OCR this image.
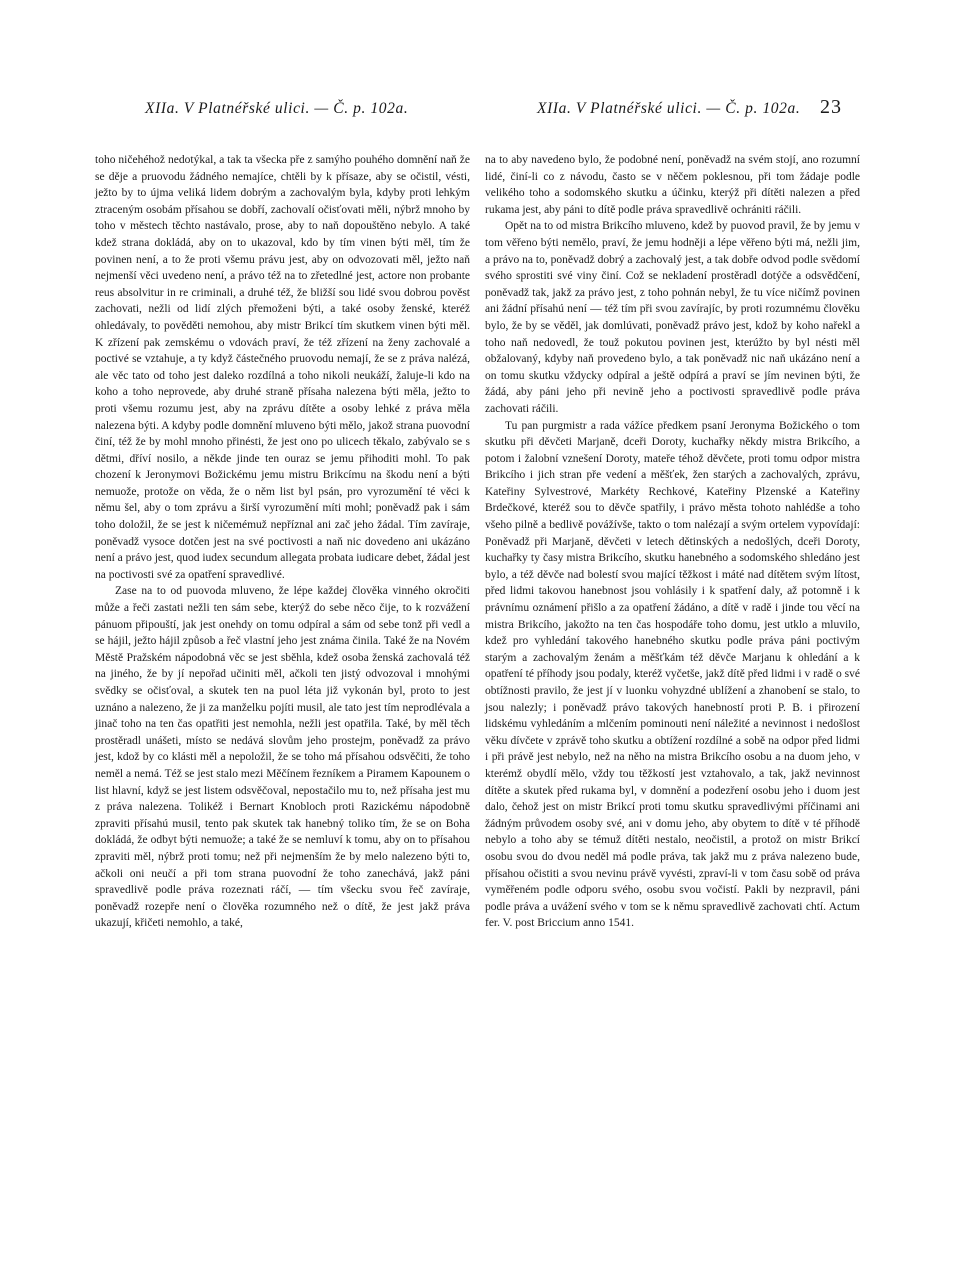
XIIa. V Platnéřské ulici. — Č. p. 102a.	XIIa. V Platnéřské ulici. — Č. p. 102a. 23

toho ničehéhož nedotýkal, a tak ta všecka pře z samýho pouhého domnění naň že se děje a pruovodu žádného nemajíce, chtěli by k přísaze, aby se očistil, vésti, ježto by to újma veliká lidem dobrým a zachovalým byla, kdyby proti lehkým ztraceným osobám přísahou se dobří, zachovalí očisťovati měli, nýbrž mnoho by toho v městech těchto nastávalo, prose, aby to naň dopouštěno nebylo. A také kdež strana dokládá, aby on to ukazoval, kdo by tím vinen býti měl, tím že povinen není, a to že proti všemu právu jest, aby on odvozovati měl, ježto naň nejmenší věci uvedeno není, a právo též na to zřetedlné jest, actore non probante reus absolvitur in re criminali, a druhé též, že bližší sou lidé svou dobrou pověst zachovati, nežli od lidí zlých přemoženi býti, a také osoby ženské, kteréž ohledávaly, to pověděti nemohou, aby mistr Brikcí tím skutkem vinen býti měl. K zřízení pak zemskému o vdovách praví, že též zřízení na ženy zachovalé a poctivé se vztahuje, a ty když částečného pruovodu nemají, že se z práva nalézá, ale věc tato od toho jest daleko rozdílná a toho nikoli neukáží, žaluje-li kdo na koho a toho neprovede, aby druhé straně přísaha nalezena býti měla, ježto to proti všemu rozumu jest, aby na zprávu dítěte a osoby lehké z práva měla nalezena býti. A kdyby podle domnění mluveno býti mělo, jakož strana puovodní činí, též že by mohl mnoho přinésti, že jest ono po ulicech těkalo, zabývalo se s dětmi, dříví nosilo, a někde jinde ten ouraz se jemu přihoditi mohl. To pak chození k Jeronymovi Božickému jemu mistru Brikcímu na škodu není a býti nemuože, protože on věda, že o něm list byl psán, pro vyrozumění té věci k němu šel, aby o tom zprávu a širší vyrozumění míti mohl; poněvadž pak i sám toho doložil, že se jest k ničemémuž nepříznal ani zač jeho žádal. Tím zavíraje, poněvadž vysoce dotčen jest na své poctivosti a naň nic dovedeno ani ukázáno není a právo jest, quod iudex secundum allegata probata iudicare debet, žádal jest na poctivosti své za opatření spravedlivé.

Zase na to od puovoda mluveno, že lépe každej člověka vinného okročiti může a řeči zastati nežli ten sám sebe, kterýž do sebe něco čije, to k rozvážení pánuom připouští, jak jest onehdy on tomu odpíral a sám od sebe tonž při vedl a se hájil, ježto hájil způsob a řeč vlastní jeho jest známa činila. Také že na Novém Městě Pražském nápodobná věc se jest sběhla, kdež osoba ženská zachovalá též na jiného, že by jí nepořad učiniti měl, ačkoli ten jistý odvozoval i mnohými svědky se očisťoval, a skutek ten na puol léta již vykonán byl, proto to jest uznáno a nalezeno, že ji za manželku pojíti musil, ale tato jest tím neprodlévala a jinač toho na ten čas opatřiti jest nemohla, nežli jest opatřila. Také, by měl těch prostěradl unášeti, místo se nedává slovům jeho prostejm, poněvadž za právo jest, kdož by co klásti měl a nepoložil, že se toho má přísahou odsvěčiti, že toho neměl a nemá. Též se jest stalo mezi Měčínem řezníkem a Piramem Kapounem o list hlavní, když se jest listem odsvěčoval, nepostačilo mu to, než přísaha jest mu z práva nalezena. Tolikéž i Bernart Knobloch proti Razickému nápodobně zpraviti přísahú musil, tento pak skutek tak hanebný toliko tím, že se on Boha dokládá, že odbyt býti nemuože; a také že se nemluví k tomu, aby on to přísahou zpraviti měl, nýbrž proti tomu; než při nejmenším že by melo nalezeno býti to, ačkoli oni neučí a při tom strana puovodní že toho zanechává, jakž páni spravedlivě podle práva rozeznati ráčí, — tím všecku svou řeč zavíraje, poněvadž rozepře není o člověka rozumného než o dítě, že jest jakž práva ukazují, křičeti nemohlo, a také,

na to aby navedeno bylo, že podobné není, poněvadž na svém stojí, ano rozumní lidé, činí-li co z návodu, často se v něčem poklesnou, při tom žádaje podle velikého toho a sodomského skutku a účinku, kterýž při dítěti nalezen a před rukama jest, aby páni to dítě podle práva spravedlivě ochrániti ráčili.

Opět na to od mistra Brikcího mluveno, kdež by puovod pravil, že by jemu v tom věřeno býti nemělo, praví, že jemu hodněji a lépe věřeno býti má, nežli jim, a právo na to, poněvadž dobrý a zachovalý jest, a tak dobře odvod podle svědomí svého sprostiti své viny činí. Což se nekladení prostěradl dotýče a odsvědčení, poněvadž tak, jakž za právo jest, z toho pohnán nebyl, že tu více ničímž povinen ani žádní přísahú není — též tím při svou zavírajíc, by proti rozumnému člověku bylo, že by se věděl, jak domlúvati, poněvadž právo jest, kdož by koho nařekl a toho naň nedovedl, že touž pokutou povinen jest, kterúžto by byl nésti měl obžalovaný, kdyby naň provedeno bylo, a tak poněvadž nic naň ukázáno není a on tomu skutku vždycky odpíral a ještě odpírá a praví se jím nevinen býti, že žádá, aby páni jeho při nevině jeho a poctivosti spravedlivě podle práva zachovati ráčili.

Tu pan purgmistr a rada vážíce předkem psaní Jeronyma Božického o tom skutku při děvčeti Marjaně, dceři Doroty, kuchařky někdy mistra Brikcího, a potom i žalobní vznešení Doroty, mateře téhož děvčete, proti tomu odpor mistra Brikcího i jich stran pře vedení a měšťek, žen starých a zachovalých, zprávu, Kateřiny Sylvestrové, Markéty Rechkové, Kateřiny Plzenské a Kateřiny Brdečkové, kteréž sou to děvče spatřily, i právo města tohoto nahlédše a toho všeho pilně a bedlivě povážívše, takto o tom nalézají a svým ortelem vypovídají: Poněvadž při Marjaně, děvčeti v letech dětinských a nedošlých, dceři Doroty, kuchařky ty časy mistra Brikcího, skutku hanebného a sodomského shledáno jest bylo, a též děvče nad bolestí svou mající těžkost i máté nad dítětem svým lítost, před lidmi takovou hanebnost jsou vohlásily i k spatření daly, až potomně i k právnímu oznámení přišlo a za opatření žádáno, a dítě v radě i jinde tou věcí na mistra Brikcího, jakožto na ten čas hospodáře toho domu, jest utklo a mluvilo, kdež pro vyhledání takového hanebného skutku podle práva páni poctivým starým a zachovalým ženám a měšťkám též děvče Marjanu k ohledání a k opatření té příhody jsou podaly, kteréž vyčetše, jakž dítě před lidmi i v radě o své obtížnosti pravilo, že jest jí v luonku vohyzdné ublížení a zhanobení se stalo, to jsou nalezly; i poněvadž právo takových hanebností proti P. B. i přirození lidskému vyhledáním a mlčením pominouti není náležité a nevinnost i nedošlost věku dívčete v zprávě toho skutku a obtížení rozdílné a sobě na odpor před lidmi i při právě jest nebylo, než na něho na mistra Brikcího osobu a na duom jeho, v kterémž obydlí mělo, vždy tou těžkostí jest vztahovalo, a tak, jakž nevinnost dítěte a skutek před rukama byl, v domnění a podezření osobu jeho i duom jest dalo, čehož jest on mistr Brikcí proti tomu skutku spravedlivými příčinami ani žádným průvodem osoby své, ani v domu jeho, aby obytem to dítě v té příhodě nebylo a toho aby se témuž dítěti nestalo, neočistil, a protož on mistr Brikcí osobu svou do dvou neděl má podle práva, tak jakž mu z práva nalezeno bude, přísahou očistiti a svou nevinu právě vyvésti, zpraví-li v tom času sobě od práva vyměřeném podle odporu svého, osobu svou vočistí. Pakli by nezpravil, páni podle práva a uvážení svého v tom se k němu spravedlivě zachovati chtí. Actum fer. V. post Briccium anno 1541.
